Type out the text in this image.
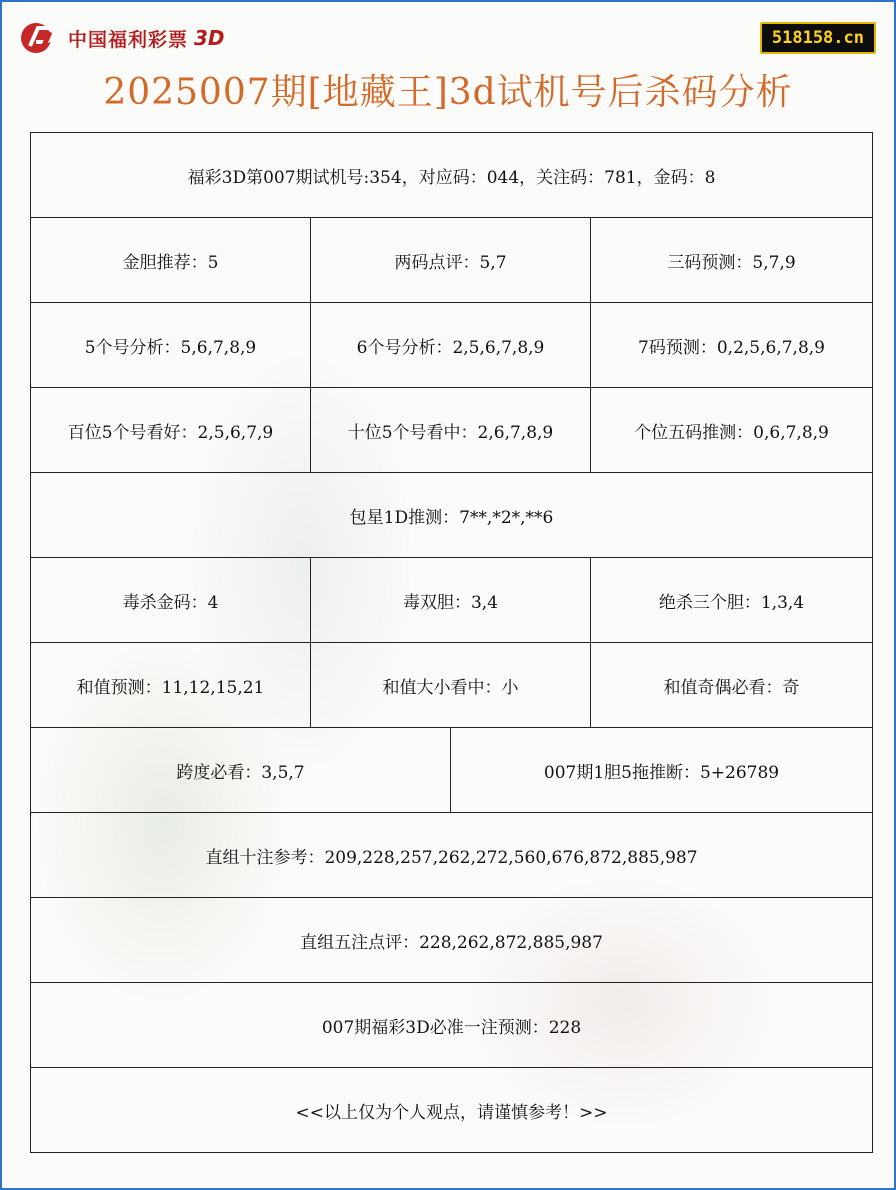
中国福利彩票 3D	518158.cn
2025007期[地藏王]3d试机号后杀码分析
福彩3D第007期试机号:354，对应码：044，关注码：781，金码：8			
金胆推荐：5	两码点评：5,7		三码预测：5,7,9
5个号分析：5,6,7,8,9	6个号分析：2,5,6,7,8,9		7码预测：0,2,5,6,7,8,9
百位5个号看好：2,5,6,7,9	十位5个号看中：2,6,7,8,9		个位五码推测：0,6,7,8,9
包星1D推测：7**,*2*,**6			
毒杀金码：4	毒双胆：3,4		绝杀三个胆：1,3,4
和值预测：11,12,15,21	和值大小看中：小		和值奇偶必看：奇
跨度必看：3,5,7		007期1胆5拖推断：5+26789	
直组十注参考：209,228,257,262,272,560,676,872,885,987			
直组五注点评：228,262,872,885,987			
007期福彩3D必准一注预测：228			
<<以上仅为个人观点，请谨慎参考！>>			
